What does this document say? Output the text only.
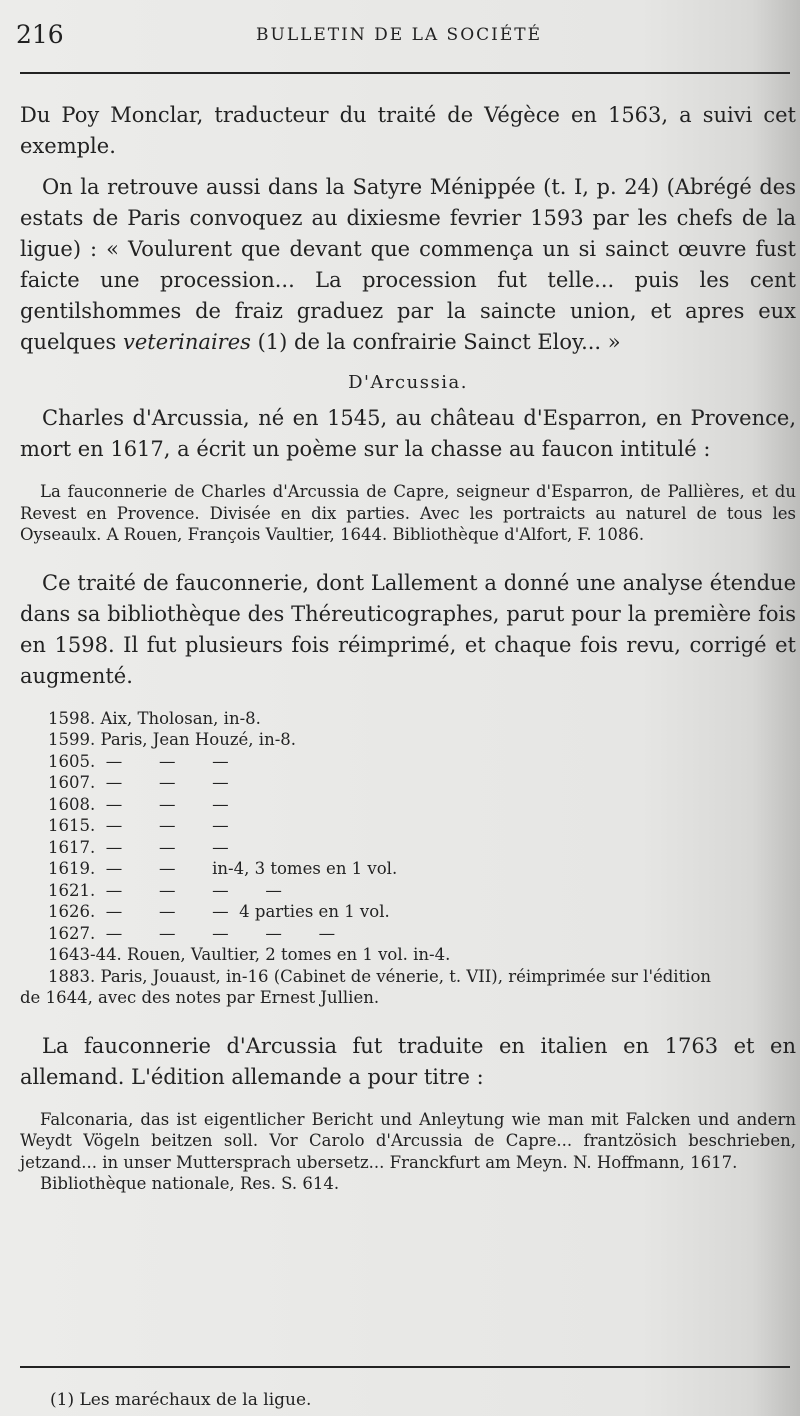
216	BULLETIN DE LA SOCIÉTÉ

Du Poy Monclar, traducteur du traité de Végèce en 1563, a suivi cet exemple.

On la retrouve aussi dans la Satyre Ménippée (t. I, p. 24) (Abrégé des estats de Paris convoquez au dixiesme fevrier 1593 par les chefs de la ligue) : « Voulurent que devant que commença un si sainct œuvre fust faicte une procession... La procession fut telle... puis les cent gentilshommes de fraiz graduez par la saincte union, et apres eux quelques veterinaires (1) de la confrairie Sainct Eloy... »

D'Arcussia.

Charles d'Arcussia, né en 1545, au château d'Esparron, en Provence, mort en 1617, a écrit un poème sur la chasse au faucon intitulé :

La fauconnerie de Charles d'Arcussia de Capre, seigneur d'Esparron, de Pallières, et du Revest en Provence. Divisée en dix parties. Avec les portraicts au naturel de tous les Oyseaulx. A Rouen, François Vaultier, 1644. Bibliothèque d'Alfort, F. 1086.

Ce traité de fauconnerie, dont Lallement a donné une analyse étendue dans sa bibliothèque des Théreuticographes, parut pour la première fois en 1598. Il fut plusieurs fois réimprimé, et chaque fois revu, corrigé et augmenté.

1598. Aix, Tholosan, in-8.
1599. Paris, Jean Houzé, in-8.
1605.  —       —       —
1607.  —       —       —
1608.  —       —       —
1615.  —       —       —
1617.  —       —       —
1619.  —       —       in-4, 3 tomes en 1 vol.
1621.  —       —       —       —
1626.  —       —       —  4 parties en 1 vol.
1627.  —       —       —       —       —
1643-44. Rouen, Vaultier, 2 tomes en 1 vol. in-4.
1883. Paris, Jouaust, in-16 (Cabinet de vénerie, t. VII), réimprimée sur l'édition
de 1644, avec des notes par Ernest Jullien.

La fauconnerie d'Arcussia fut traduite en italien en 1763 et en allemand. L'édition allemande a pour titre :

Falconaria, das ist eigentlicher Bericht und Anleytung wie man mit Falcken und andern Weydt Vögeln beitzen soll. Vor Carolo d'Arcussia de Capre... frantzösich beschrieben, jetzand... in unser Muttersprach ubersetz... Franckfurt am Meyn. N. Hoffmann, 1617.

Bibliothèque nationale, Res. S. 614.

(1) Les maréchaux de la ligue.
